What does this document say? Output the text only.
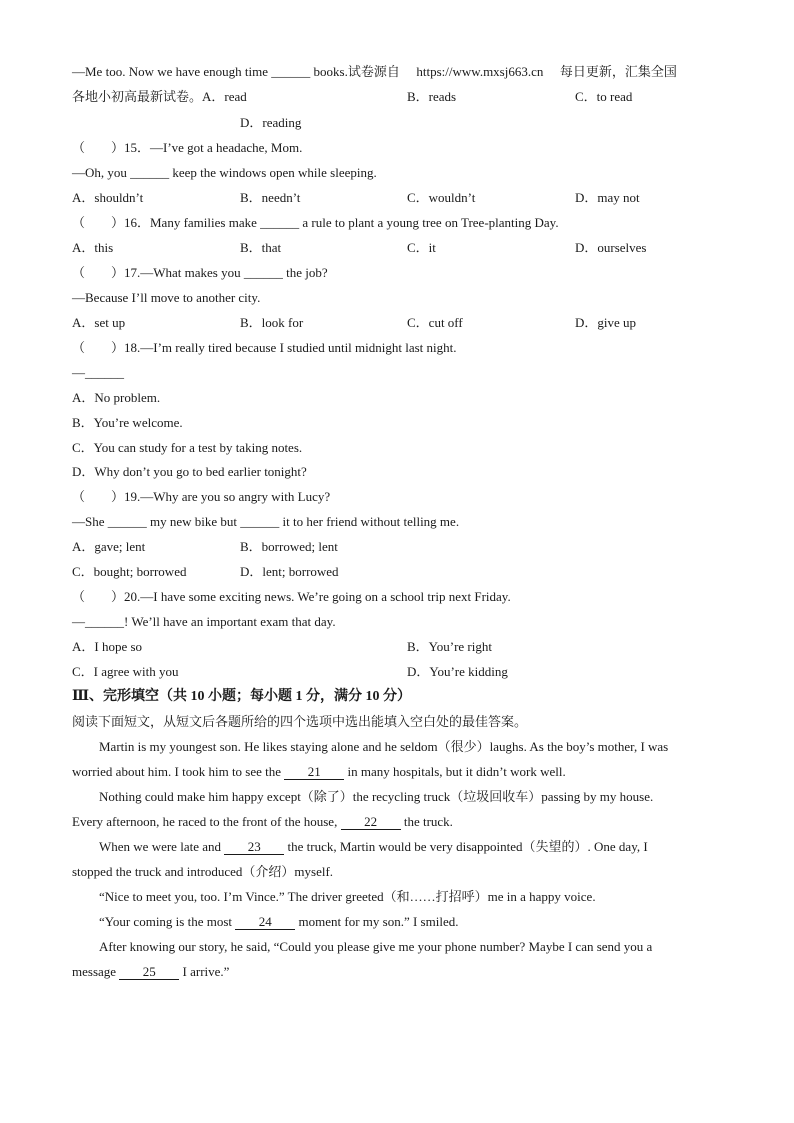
—Me too. Now we have enough time ______ books.试卷源自 https://www.mxsj663.cn 每日更新，汇集全国
各地小初高最新试卷。A．read	B．reads	C．to read
D．reading
（　　）15．—I’ve got a headache, Mom.
—Oh, you ______ keep the windows open while sleeping.
A．shouldn’t	B．needn’t	C．wouldn’t	D．may not
（　　）16．Many families make ______ a rule to plant a young tree on Tree-planting Day.
A．this	B．that	C．it	D．ourselves
（　　）17.—What makes you ______ the job?
—Because I’ll move to another city.
A．set up	B．look for	C．cut off	D．give up
（　　）18.—I’m really tired because I studied until midnight last night.
—______
A．No problem.
B．You’re welcome.
C．You can study for a test by taking notes.
D．Why don’t you go to bed earlier tonight?
（　　）19.—Why are you so angry with Lucy?
—She ______ my new bike but ______ it to her friend without telling me.
A．gave; lent	B．borrowed; lent
C．bought; borrowed	D．lent; borrowed
（　　）20.—I have some exciting news. We’re going on a school trip next Friday.
—______! We’ll have an important exam that day.
A．I hope so	B．You’re right
C．I agree with you	D．You’re kidding
Ⅲ、完形填空（共 10 小题；每小题 1 分，满分 10 分）
阅读下面短文，从短文后各题所给的四个选项中选出能填入空白处的最佳答案。
Martin is my youngest son. He likes staying alone and he seldom（很少）laughs. As the boy’s mother, I was
worried about him. I took him to see the 21 in many hospitals, but it didn’t work well.
Nothing could make him happy except（除了）the recycling truck（垃圾回收车）passing by my house.
Every afternoon, he raced to the front of the house, 22 the truck.
When we were late and 23 the truck, Martin would be very disappointed（失望的）. One day, I
stopped the truck and introduced（介绍）myself.
“Nice to meet you, too. I’m Vince.” The driver greeted（和……打招呼）me in a happy voice.
“Your coming is the most 24 moment for my son.” I smiled.
After knowing our story, he said, “Could you please give me your phone number? Maybe I can send you a
message 25 I arrive.”
